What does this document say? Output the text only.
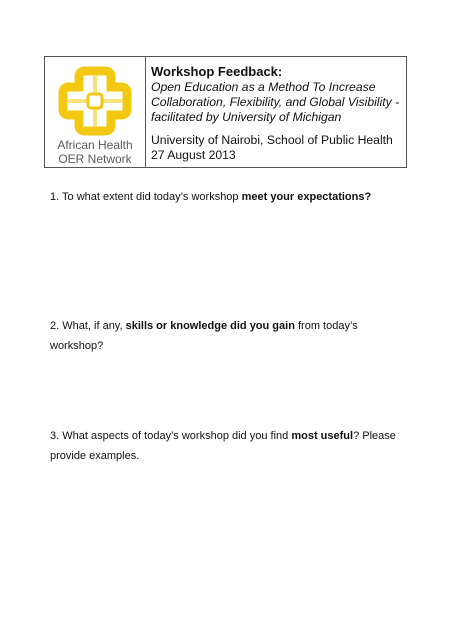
African Health
OER Network
Workshop Feedback:
Open Education as a Method To Increase
Collaboration, Flexibility, and Global Visibility -
facilitated by University of Michigan
University of Nairobi, School of Public Health
27 August 2013
1. To what extent did today’s workshop meet your expectations?
2. What, if any, skills or knowledge did you gain from today’s workshop?
3. What aspects of today’s workshop did you find most useful? Please provide examples.
